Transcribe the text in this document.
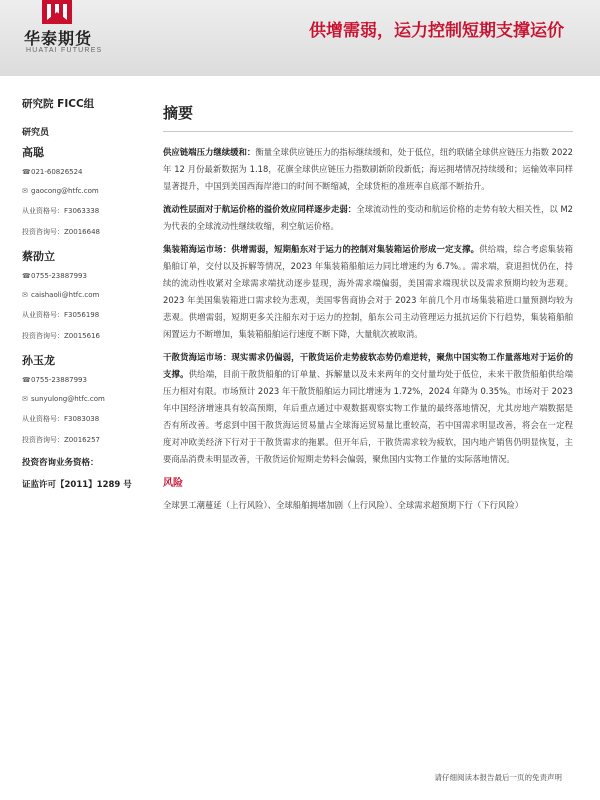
华泰期货
HUATAI FUTURES
供增需弱，运力控制短期支撑运价
研究院 FICC组
研究员
高聪
☎ 021-60826524
✉ gaocong@htfc.com
从业资格号：F3063338
投资咨询号：Z0016648
蔡劭立
☎ 0755-23887993
✉ caishaoli@htfc.com
从业资格号：F3056198
投资咨询号：Z0015616
孙玉龙
☎ 0755-23887993
✉ sunyulong@htfc.com
从业资格号：F3083038
投资咨询号：Z0016257
投资咨询业务资格：
证监许可【2011】1289 号
摘要

供应链端压力继续缓和：衡量全球供应链压力的指标继续缓和，处于低位，纽约联储全球供应链压力指数 2022 年 12 月份最新数据为 1.18，花旗全球供应链压力指数刷新阶段新低；海运拥堵情况持续缓和；运输效率同样显著提升，中国到美国西海岸港口的时间不断缩减，全球货柜的准班率自底部不断抬升。

流动性层面对于航运价格的溢价效应同样逐步走弱：全球流动性的变动和航运价格的走势有较大相关性，以 M2 为代表的全球流动性继续收缩，利空航运价格。

集装箱海运市场：供增需弱，短期船东对于运力的控制对集装箱运价形成一定支撑。供给端，综合考虑集装箱船舶订单，交付以及拆解等情况，2023 年集装箱船舶运力同比增速约为 6.7%。。需求端，衰退担忧仍在，持续的流动性收紧对全球需求端扰动逐步显现，海外需求端偏弱，美国需求端现状以及需求预期均较为悲观。2023 年美国集装箱进口需求较为悲观，美国零售商协会对于 2023 年前几个月市场集装箱进口量预测均较为悲观。供増需弱，短期更多关注船东对于运力的控制，船东公司主动管理运力抵抗运价下行趋势，集装箱船舶闲置运力不断增加，集装箱船舶运行速度不断下降，大量航次被取消。

干散货海运市场：现实需求仍偏弱，干散货运价走势疲软态势仍难逆转，聚焦中国实物工作量落地对于运价的支撑。供给端，目前干散货船舶的订单量、拆解量以及未来两年的交付量均处于低位，未来干散货船舶供给端压力相对有限。市场预计 2023 年干散货船舶运力同比增速为 1.72%，2024 年降为 0.35%。市场对于 2023 年中国经济增速具有较高预期，年后重点通过中观数据观察实物工作量的最终落地情况，尤其房地产端数据是否有所改善。考虑到中国干散货海运贸易量占全球海运贸易量比重较高，若中国需求明显改善，将会在一定程度对冲欧美经济下行对于干散货需求的拖累。但开年后，干散货需求较为疲软，国内地产销售仍明显恢复，主要商品消费未明显改善，干散货运价短期走势料会偏弱，聚焦国内实物工作量的实际落地情况。

风险

全球罢工潮蔓延（上行风险）、全球船舶拥堵加剧（上行风险）、全球需求超预期下行（下行风险）

请仔细阅读本报告最后一页的免责声明
